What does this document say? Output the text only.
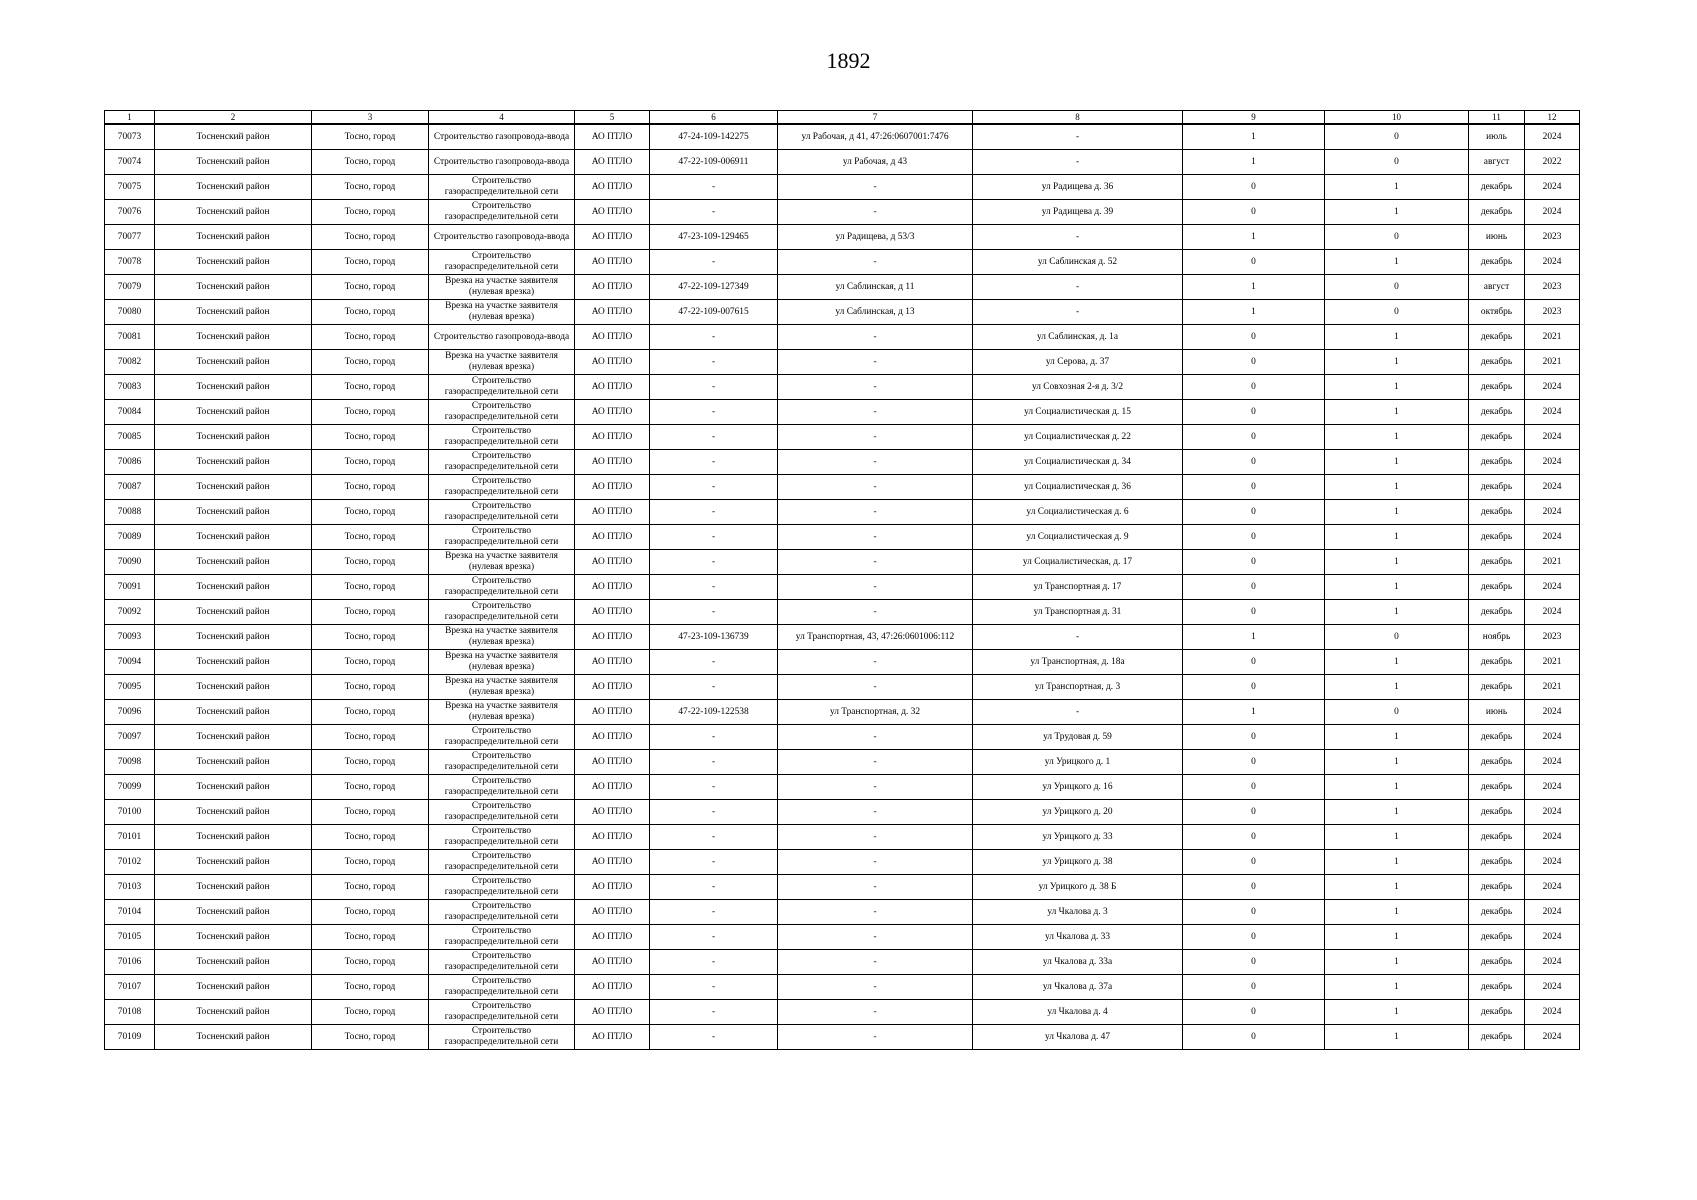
1892
1	2	3	4	5	6	7	8	9	10	11	12
70073	Тосненский район	Тосно, город	Строительство газопровода-ввода	АО ПТЛО	47-24-109-142275	ул Рабочая, д 41, 47:26:0607001:7476	-	1	0	июль	2024
70074	Тосненский район	Тосно, город	Строительство газопровода-ввода	АО ПТЛО	47-22-109-006911	ул Рабочая, д 43	-	1	0	август	2022
70075	Тосненский район	Тосно, город	Строительство газораспределительной сети	АО ПТЛО	-	-	ул Радищева д. 36	0	1	декабрь	2024
70076	Тосненский район	Тосно, город	Строительство газораспределительной сети	АО ПТЛО	-	-	ул Радищева д. 39	0	1	декабрь	2024
70077	Тосненский район	Тосно, город	Строительство газопровода-ввода	АО ПТЛО	47-23-109-129465	ул Радищева, д 53/3	-	1	0	июнь	2023
70078	Тосненский район	Тосно, город	Строительство газораспределительной сети	АО ПТЛО	-	-	ул Саблинская д. 52	0	1	декабрь	2024
70079	Тосненский район	Тосно, город	Врезка на участке заявителя (нулевая врезка)	АО ПТЛО	47-22-109-127349	ул Саблинская, д 11	-	1	0	август	2023
70080	Тосненский район	Тосно, город	Врезка на участке заявителя (нулевая врезка)	АО ПТЛО	47-22-109-007615	ул Саблинская, д 13	-	1	0	октябрь	2023
70081	Тосненский район	Тосно, город	Строительство газопровода-ввода	АО ПТЛО	-	-	ул Саблинская, д. 1а	0	1	декабрь	2021
70082	Тосненский район	Тосно, город	Врезка на участке заявителя (нулевая врезка)	АО ПТЛО	-	-	ул Серова, д. 37	0	1	декабрь	2021
70083	Тосненский район	Тосно, город	Строительство газораспределительной сети	АО ПТЛО	-	-	ул Совхозная 2-я д. 3/2	0	1	декабрь	2024
70084	Тосненский район	Тосно, город	Строительство газораспределительной сети	АО ПТЛО	-	-	ул Социалистическая д. 15	0	1	декабрь	2024
70085	Тосненский район	Тосно, город	Строительство газораспределительной сети	АО ПТЛО	-	-	ул Социалистическая д. 22	0	1	декабрь	2024
70086	Тосненский район	Тосно, город	Строительство газораспределительной сети	АО ПТЛО	-	-	ул Социалистическая д. 34	0	1	декабрь	2024
70087	Тосненский район	Тосно, город	Строительство газораспределительной сети	АО ПТЛО	-	-	ул Социалистическая д. 36	0	1	декабрь	2024
70088	Тосненский район	Тосно, город	Строительство газораспределительной сети	АО ПТЛО	-	-	ул Социалистическая д. 6	0	1	декабрь	2024
70089	Тосненский район	Тосно, город	Строительство газораспределительной сети	АО ПТЛО	-	-	ул Социалистическая д. 9	0	1	декабрь	2024
70090	Тосненский район	Тосно, город	Врезка на участке заявителя (нулевая врезка)	АО ПТЛО	-	-	ул Социалистическая, д. 17	0	1	декабрь	2021
70091	Тосненский район	Тосно, город	Строительство газораспределительной сети	АО ПТЛО	-	-	ул Транспортная д. 17	0	1	декабрь	2024
70092	Тосненский район	Тосно, город	Строительство газораспределительной сети	АО ПТЛО	-	-	ул Транспортная д. 31	0	1	декабрь	2024
70093	Тосненский район	Тосно, город	Врезка на участке заявителя (нулевая врезка)	АО ПТЛО	47-23-109-136739	ул Транспортная, 43, 47:26:0601006:112	-	1	0	ноябрь	2023
70094	Тосненский район	Тосно, город	Врезка на участке заявителя (нулевая врезка)	АО ПТЛО	-	-	ул Транспортная, д. 18а	0	1	декабрь	2021
70095	Тосненский район	Тосно, город	Врезка на участке заявителя (нулевая врезка)	АО ПТЛО	-	-	ул Транспортная, д. 3	0	1	декабрь	2021
70096	Тосненский район	Тосно, город	Врезка на участке заявителя (нулевая врезка)	АО ПТЛО	47-22-109-122538	ул Транспортная, д. 32	-	1	0	июнь	2024
70097	Тосненский район	Тосно, город	Строительство газораспределительной сети	АО ПТЛО	-	-	ул Трудовая д. 59	0	1	декабрь	2024
70098	Тосненский район	Тосно, город	Строительство газораспределительной сети	АО ПТЛО	-	-	ул Урицкого д. 1	0	1	декабрь	2024
70099	Тосненский район	Тосно, город	Строительство газораспределительной сети	АО ПТЛО	-	-	ул Урицкого д. 16	0	1	декабрь	2024
70100	Тосненский район	Тосно, город	Строительство газораспределительной сети	АО ПТЛО	-	-	ул Урицкого д. 20	0	1	декабрь	2024
70101	Тосненский район	Тосно, город	Строительство газораспределительной сети	АО ПТЛО	-	-	ул Урицкого д. 33	0	1	декабрь	2024
70102	Тосненский район	Тосно, город	Строительство газораспределительной сети	АО ПТЛО	-	-	ул Урицкого д. 38	0	1	декабрь	2024
70103	Тосненский район	Тосно, город	Строительство газораспределительной сети	АО ПТЛО	-	-	ул Урицкого д. 38 Б	0	1	декабрь	2024
70104	Тосненский район	Тосно, город	Строительство газораспределительной сети	АО ПТЛО	-	-	ул Чкалова д. 3	0	1	декабрь	2024
70105	Тосненский район	Тосно, город	Строительство газораспределительной сети	АО ПТЛО	-	-	ул Чкалова д. 33	0	1	декабрь	2024
70106	Тосненский район	Тосно, город	Строительство газораспределительной сети	АО ПТЛО	-	-	ул Чкалова д. 33а	0	1	декабрь	2024
70107	Тосненский район	Тосно, город	Строительство газораспределительной сети	АО ПТЛО	-	-	ул Чкалова д. 37а	0	1	декабрь	2024
70108	Тосненский район	Тосно, город	Строительство газораспределительной сети	АО ПТЛО	-	-	ул Чкалова д. 4	0	1	декабрь	2024
70109	Тосненский район	Тосно, город	Строительство газораспределительной сети	АО ПТЛО	-	-	ул Чкалова д. 47	0	1	декабрь	2024
